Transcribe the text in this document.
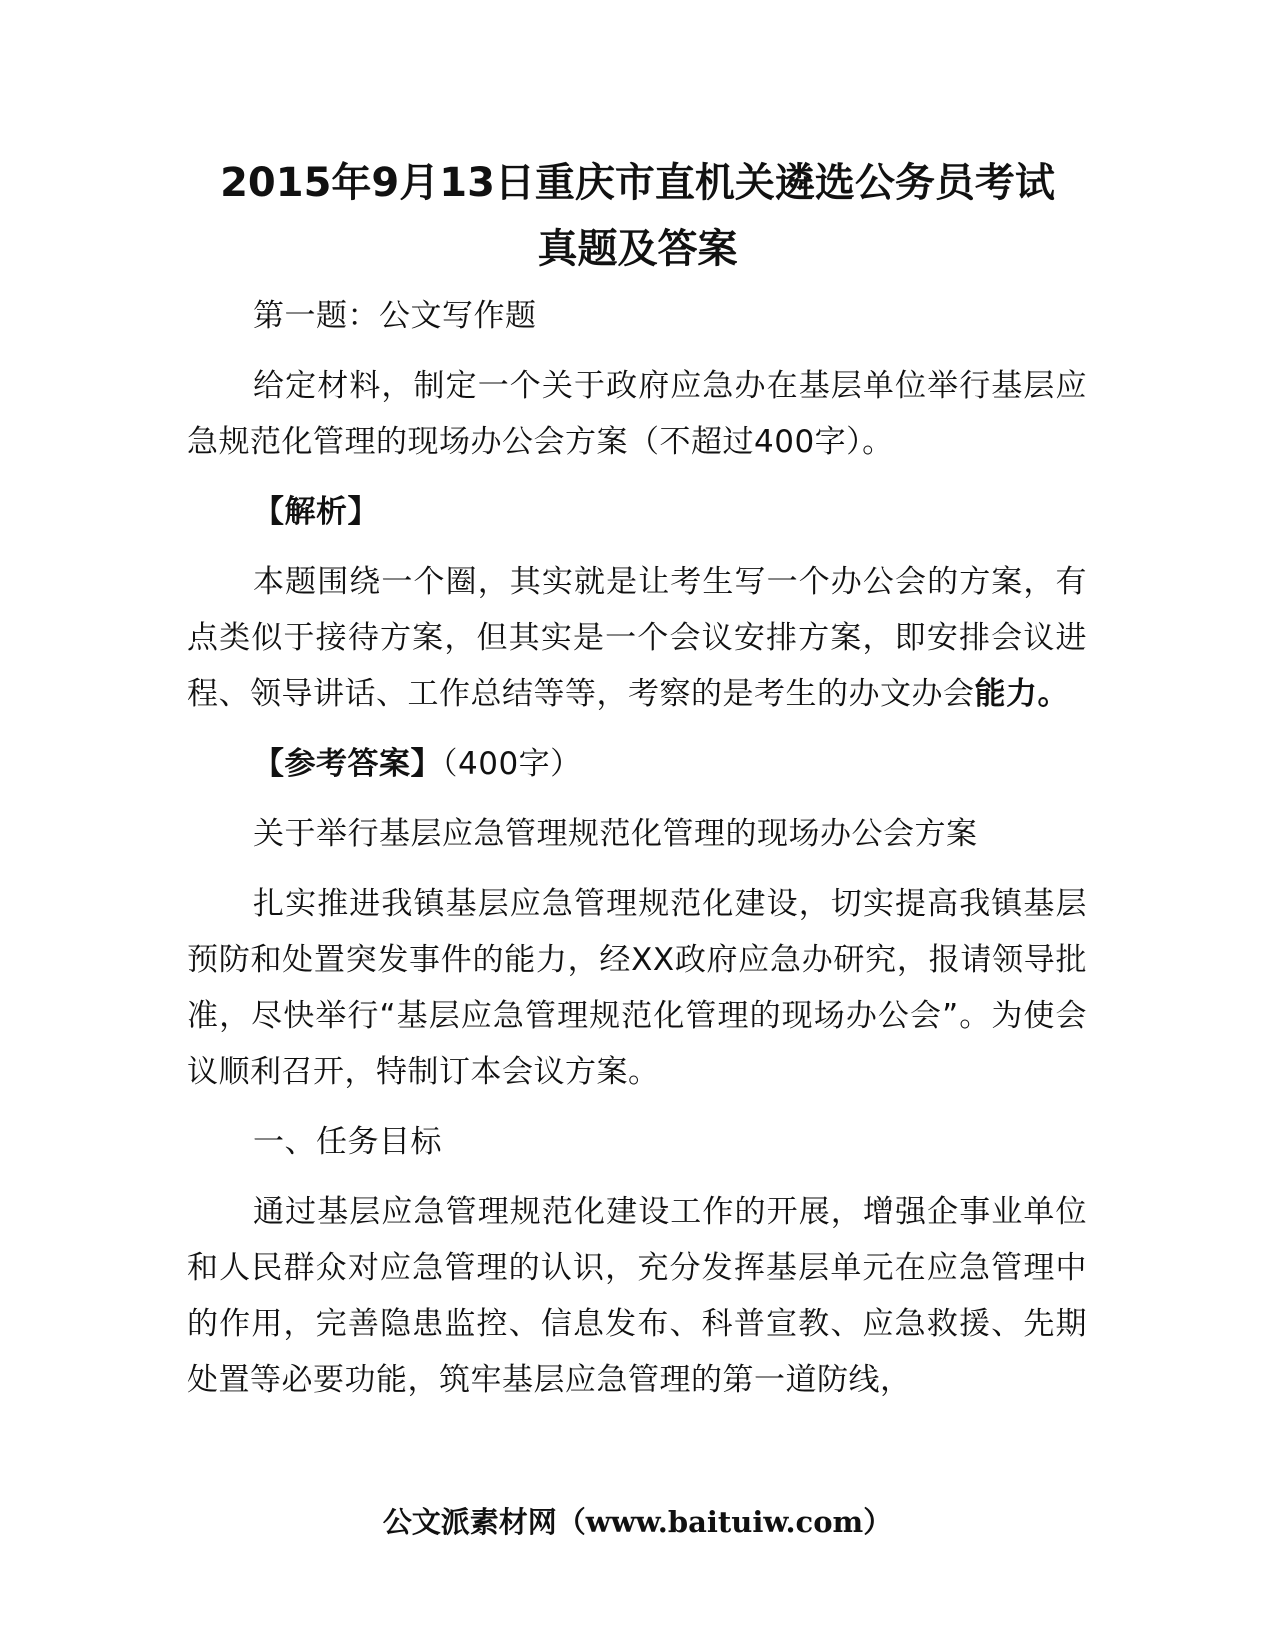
2015年9月13日重庆市直机关遴选公务员考试
真题及答案

第一题：公文写作题

给定材料，制定一个关于政府应急办在基层单位举行基层应急规范化管理的现场办公会方案（不超过400字）。

【解析】

本题围绕一个圈，其实就是让考生写一个办公会的方案，有点类似于接待方案，但其实是一个会议安排方案，即安排会议进程、领导讲话、工作总结等等，考察的是考生的办文办会能力。

【参考答案】（400字）

关于举行基层应急管理规范化管理的现场办公会方案

扎实推进我镇基层应急管理规范化建设，切实提高我镇基层预防和处置突发事件的能力，经XX政府应急办研究，报请领导批准，尽快举行“基层应急管理规范化管理的现场办公会”。为使会议顺利召开，特制订本会议方案。

一、任务目标

通过基层应急管理规范化建设工作的开展，增强企事业单位和人民群众对应急管理的认识，充分发挥基层单元在应急管理中的作用，完善隐患监控、信息发布、科普宣教、应急救援、先期处置等必要功能，筑牢基层应急管理的第一道防线，

公文派素材网（www.baituiw.com）
